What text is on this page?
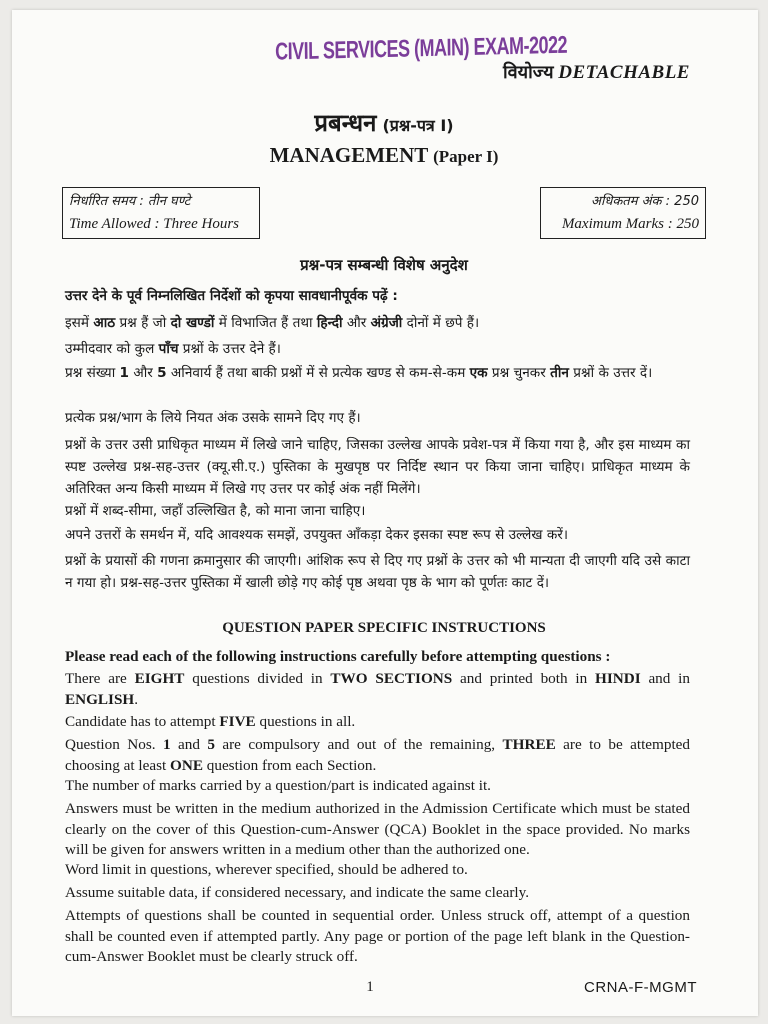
CIVIL SERVICES (MAIN) EXAM-2022
वियोज्य DETACHABLE
प्रबन्धन (प्रश्न-पत्र I)
MANAGEMENT (Paper I)
निर्धारित समय : तीन घण्टे
Time Allowed : Three Hours
अधिकतम अंक : 250
Maximum Marks : 250
प्रश्न-पत्र सम्बन्धी विशेष अनुदेश
उत्तर देने के पूर्व निम्नलिखित निर्देशों को कृपया सावधानीपूर्वक पढ़ें :
इसमें आठ प्रश्न हैं जो दो खण्डों में विभाजित हैं तथा हिन्दी और अंग्रेजी दोनों में छपे हैं।
उम्मीदवार को कुल पाँच प्रश्नों के उत्तर देने हैं।
प्रश्न संख्या 1 और 5 अनिवार्य हैं तथा बाकी प्रश्नों में से प्रत्येक खण्ड से कम-से-कम एक प्रश्न चुनकर तीन प्रश्नों के उत्तर दें।
प्रत्येक प्रश्न/भाग के लिये नियत अंक उसके सामने दिए गए हैं।
प्रश्नों के उत्तर उसी प्राधिकृत माध्यम में लिखे जाने चाहिए, जिसका उल्लेख आपके प्रवेश-पत्र में किया गया है, और इस माध्यम का स्पष्ट उल्लेख प्रश्न-सह-उत्तर (क्यू.सी.ए.) पुस्तिका के मुखपृष्ठ पर निर्दिष्ट स्थान पर किया जाना चाहिए। प्राधिकृत माध्यम के अतिरिक्त अन्य किसी माध्यम में लिखे गए उत्तर पर कोई अंक नहीं मिलेंगे।
प्रश्नों में शब्द-सीमा, जहाँ उल्लिखित है, को माना जाना चाहिए।
अपने उत्तरों के समर्थन में, यदि आवश्यक समझें, उपयुक्त आँकड़ा देकर इसका स्पष्ट रूप से उल्लेख करें।
प्रश्नों के प्रयासों की गणना क्रमानुसार की जाएगी। आंशिक रूप से दिए गए प्रश्नों के उत्तर को भी मान्यता दी जाएगी यदि उसे काटा न गया हो। प्रश्न-सह-उत्तर पुस्तिका में खाली छोड़े गए कोई पृष्ठ अथवा पृष्ठ के भाग को पूर्णतः काट दें।
QUESTION PAPER SPECIFIC INSTRUCTIONS
Please read each of the following instructions carefully before attempting questions :
There are EIGHT questions divided in TWO SECTIONS and printed both in HINDI and in ENGLISH.
Candidate has to attempt FIVE questions in all.
Question Nos. 1 and 5 are compulsory and out of the remaining, THREE are to be attempted choosing at least ONE question from each Section.
The number of marks carried by a question/part is indicated against it.
Answers must be written in the medium authorized in the Admission Certificate which must be stated clearly on the cover of this Question-cum-Answer (QCA) Booklet in the space provided. No marks will be given for answers written in a medium other than the authorized one.
Word limit in questions, wherever specified, should be adhered to.
Assume suitable data, if considered necessary, and indicate the same clearly.
Attempts of questions shall be counted in sequential order. Unless struck off, attempt of a question shall be counted even if attempted partly. Any page or portion of the page left blank in the Question-cum-Answer Booklet must be clearly struck off.
1	CRNA-F-MGMT
